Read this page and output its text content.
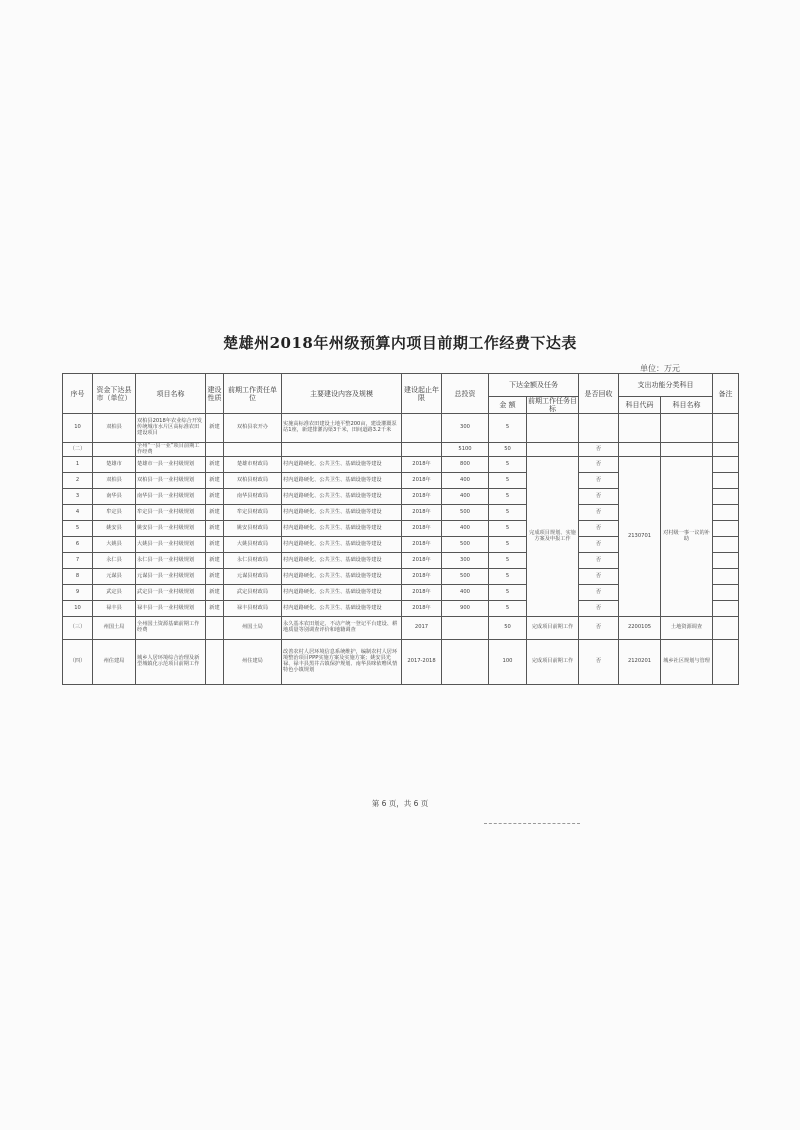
楚雄州2018年州级预算内项目前期工作经费下达表
单位：万元
序号	资金下达县市（单位）	项目名称	建设性质	前期工作责任单位	主要建设内容及规模	建设起止年限	总投资	下达金额及任务		是否回收	支出功能分类科目		备注
								金 额	前期工作任务目标		科目代码	科目名称	
10	双柏县	双柏县2018年农业综合开发传统城市水片区高标准农田建设项目	新建	双柏县农开办	实施高标准农田建设土地平整200亩，建设灌溉泵站1座，新建排灌沟渠3千米，田间道路3.2千米		300	5					
（二）		全州“一县一业”项目前期工作经费					5100	50		否			
1	楚雄市	楚雄市一县一业村级规划	新建	楚雄市财政局	村内道路硬化、公共卫生、基础设施等建设	2018年	800	5	完成项目规划、实施方案及申报工作	否	2130701	对村级一事一议的补助	
2	双柏县	双柏县一县一业村级规划	新建	双柏县财政局	村内道路硬化、公共卫生、基础设施等建设	2018年	400	5		否			
3	南华县	南华县一县一业村级规划	新建	南华县财政局	村内道路硬化、公共卫生、基础设施等建设	2018年	400	5		否			
4	牟定县	牟定县一县一业村级规划	新建	牟定县财政局	村内道路硬化、公共卫生、基础设施等建设	2018年	500	5		否			
5	姚安县	姚安县一县一业村级规划	新建	姚安县财政局	村内道路硬化、公共卫生、基础设施等建设	2018年	400	5		否			
6	大姚县	大姚县一县一业村级规划	新建	大姚县财政局	村内道路硬化、公共卫生、基础设施等建设	2018年	500	5		否			
7	永仁县	永仁县一县一业村级规划	新建	永仁县财政局	村内道路硬化、公共卫生、基础设施等建设	2018年	300	5		否			
8	元谋县	元谋县一县一业村级规划	新建	元谋县财政局	村内道路硬化、公共卫生、基础设施等建设	2018年	500	5		否			
9	武定县	武定县一县一业村级规划	新建	武定县财政局	村内道路硬化、公共卫生、基础设施等建设	2018年	400	5		否			
10	禄丰县	禄丰县一县一业村级规划	新建	禄丰县财政局	村内道路硬化、公共卫生、基础设施等建设	2018年	900	5		否			
（三）	州国土局	全州国土资源基础前期工作经费		州国土局	永久基本农田划定、不动产统一登记平台建设、耕地质量等别调查评价和地籍调查	2017		50	完成项目前期工作	否	2200105	土地资源调查	
（四）	州住建局	城乡人居环境综合治理及新型城镇化示范项目前期工作		州住建局	改善农村人居环境信息系统维护，编制农村人居环境整治项目PPP实施方案及实施方案；姚安县光禄、禄丰县黑井古镇保护规划、南华县咪依噜风情特色小镇规划	2017-2018		100	完成项目前期工作	否	2120201	城乡社区规划与管理	
第 6 页，共 6 页
